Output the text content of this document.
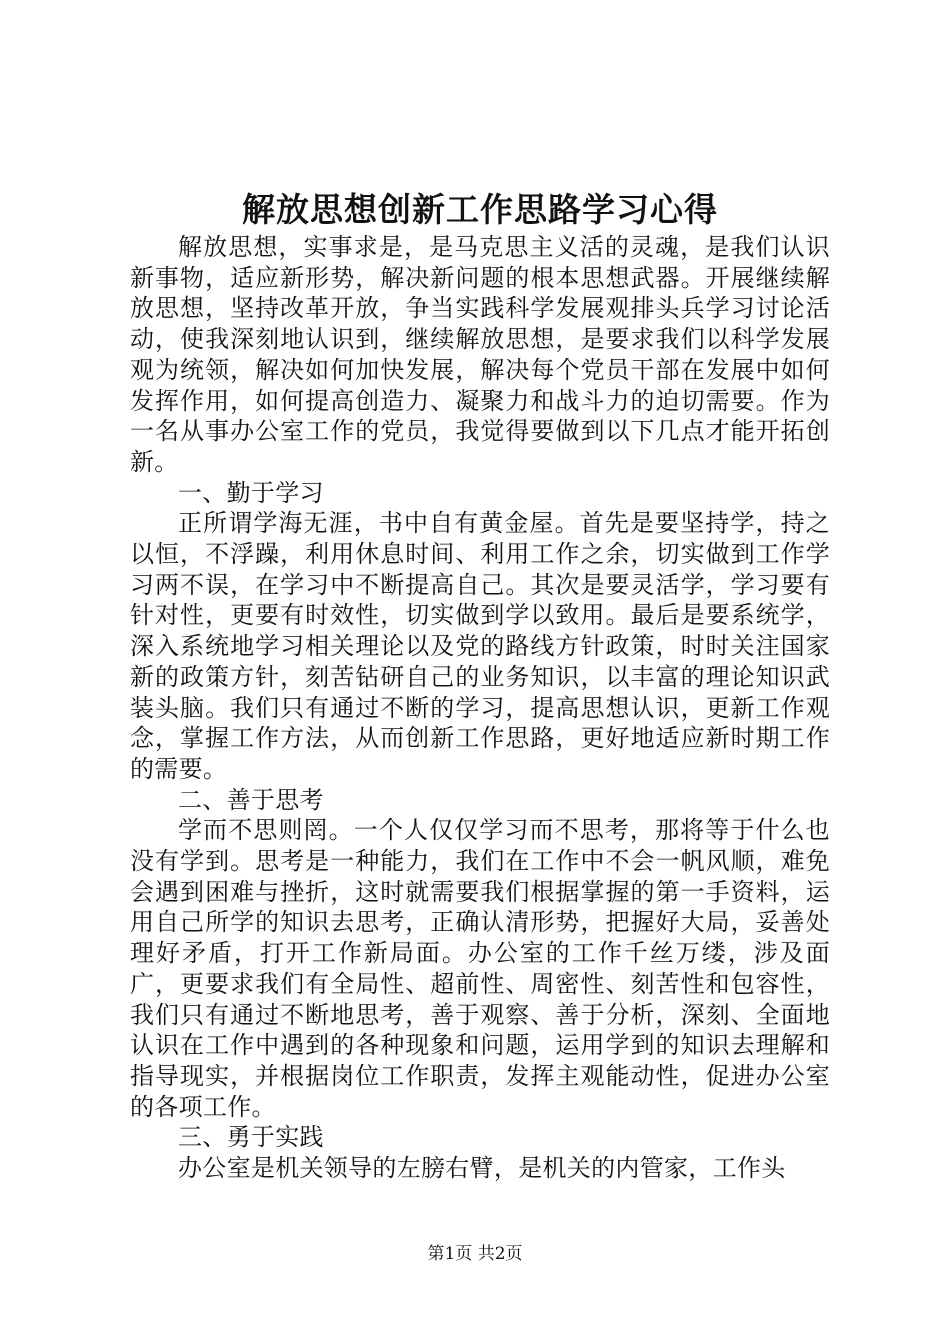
解放思想创新工作思路学习心得

解放思想，实事求是，是马克思主义活的灵魂，是我们认识新事物，适应新形势，解决新问题的根本思想武器。开展继续解放思想，坚持改革开放，争当实践科学发展观排头兵学习讨论活动，使我深刻地认识到，继续解放思想，是要求我们以科学发展观为统领，解决如何加快发展，解决每个党员干部在发展中如何发挥作用，如何提高创造力、凝聚力和战斗力的迫切需要。作为一名从事办公室工作的党员，我觉得要做到以下几点才能开拓创新。

一、勤于学习

正所谓学海无涯，书中自有黄金屋。首先是要坚持学，持之以恒，不浮躁，利用休息时间、利用工作之余，切实做到工作学习两不误，在学习中不断提高自己。其次是要灵活学，学习要有针对性，更要有时效性，切实做到学以致用。最后是要系统学，深入系统地学习相关理论以及党的路线方针政策，时时关注国家新的政策方针，刻苦钻研自己的业务知识，以丰富的理论知识武装头脑。我们只有通过不断的学习，提高思想认识，更新工作观念，掌握工作方法，从而创新工作思路，更好地适应新时期工作的需要。

二、善于思考

学而不思则罔。一个人仅仅学习而不思考，那将等于什么也没有学到。思考是一种能力，我们在工作中不会一帆风顺，难免会遇到困难与挫折，这时就需要我们根据掌握的第一手资料，运用自己所学的知识去思考，正确认清形势，把握好大局，妥善处理好矛盾，打开工作新局面。办公室的工作千丝万缕，涉及面广，更要求我们有全局性、超前性、周密性、刻苦性和包容性，我们只有通过不断地思考，善于观察、善于分析，深刻、全面地认识在工作中遇到的各种现象和问题，运用学到的知识去理解和指导现实，并根据岗位工作职责，发挥主观能动性，促进办公室的各项工作。

三、勇于实践

办公室是机关领导的左膀右臂，是机关的内管家，工作头

第1页 共2页
